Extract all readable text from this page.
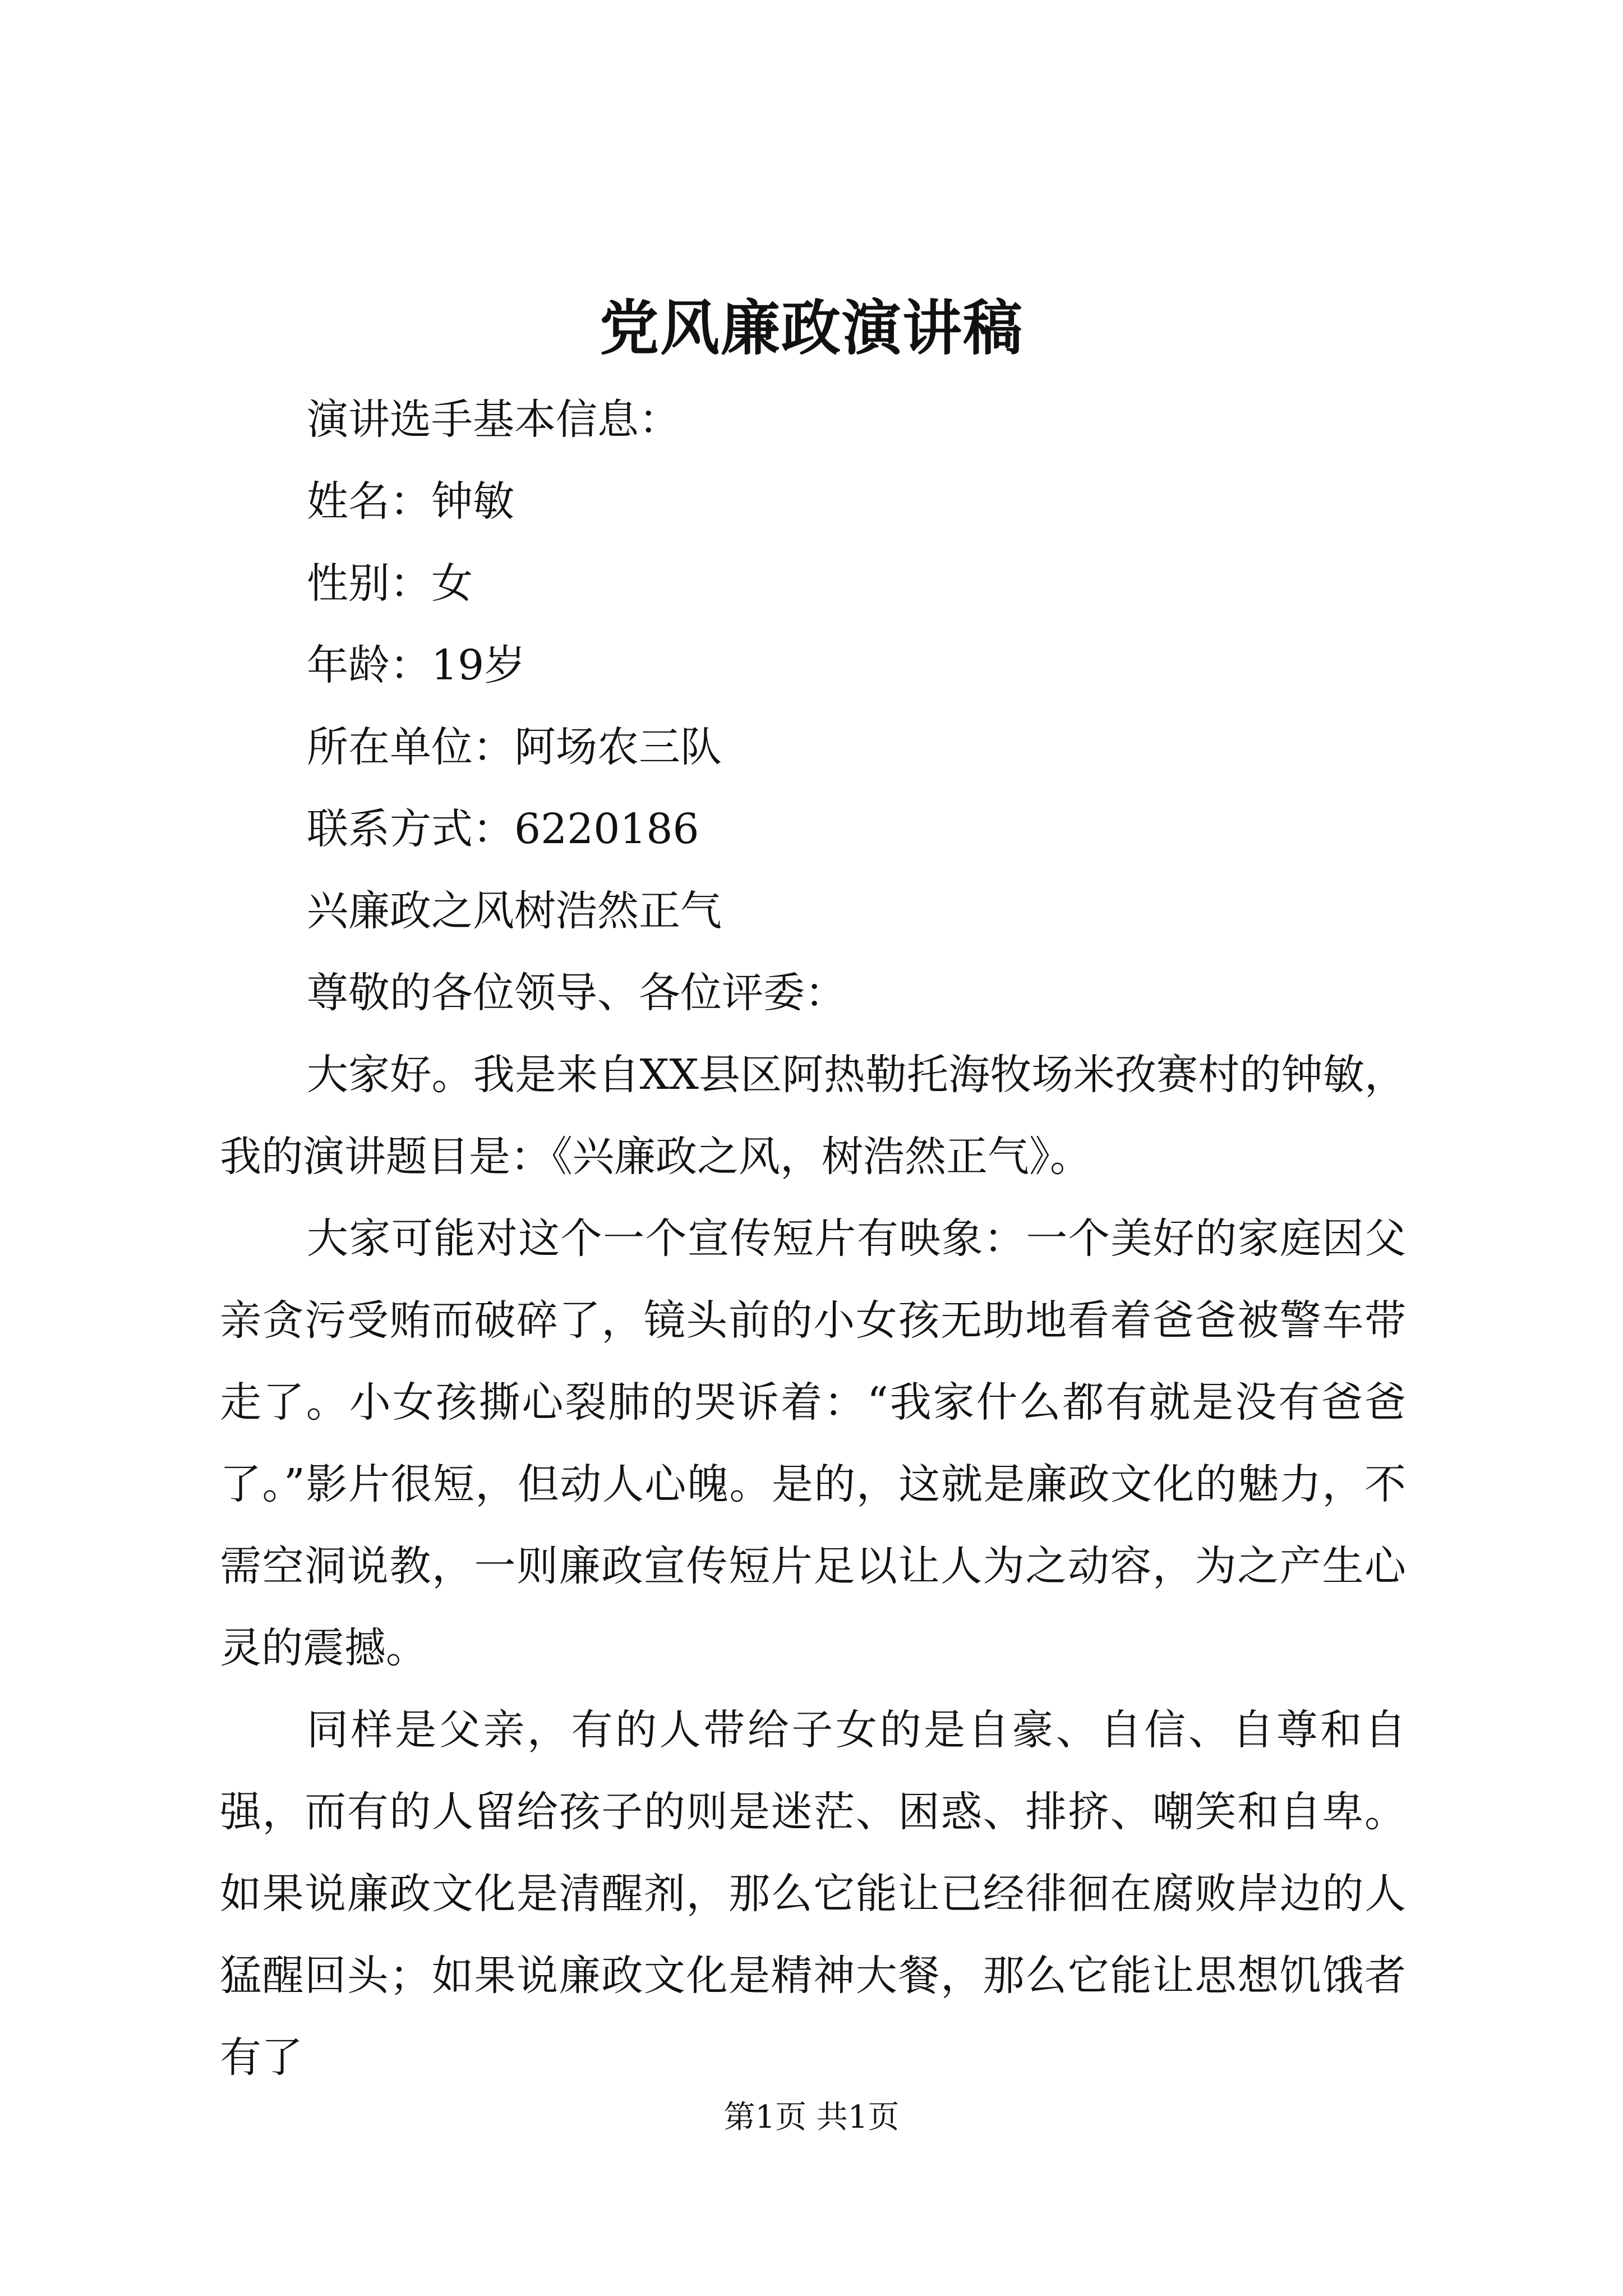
党风廉政演讲稿
演讲选手基本信息：
姓名：钟敏
性别：女
年龄：19岁
所在单位：阿场农三队
联系方式：6220186
兴廉政之风树浩然正气
尊敬的各位领导、各位评委：

大家好。我是来自XX县区阿热勒托海牧场米孜赛村的钟敏，我的演讲题目是：《兴廉政之风，树浩然正气》。

大家可能对这个一个宣传短片有映象：一个美好的家庭因父亲贪污受贿而破碎了，镜头前的小女孩无助地看着爸爸被警车带走了。小女孩撕心裂肺的哭诉着：“我家什么都有就是没有爸爸了。”影片很短，但动人心魄。是的，这就是廉政文化的魅力，不需空洞说教，一则廉政宣传短片足以让人为之动容，为之产生心灵的震撼。

同样是父亲，有的人带给子女的是自豪、自信、自尊和自强，而有的人留给孩子的则是迷茫、困惑、排挤、嘲笑和自卑。如果说廉政文化是清醒剂，那么它能让已经徘徊在腐败岸边的人猛醒回头；如果说廉政文化是精神大餐，那么它能让思想饥饿者有了

第1页 共1页
